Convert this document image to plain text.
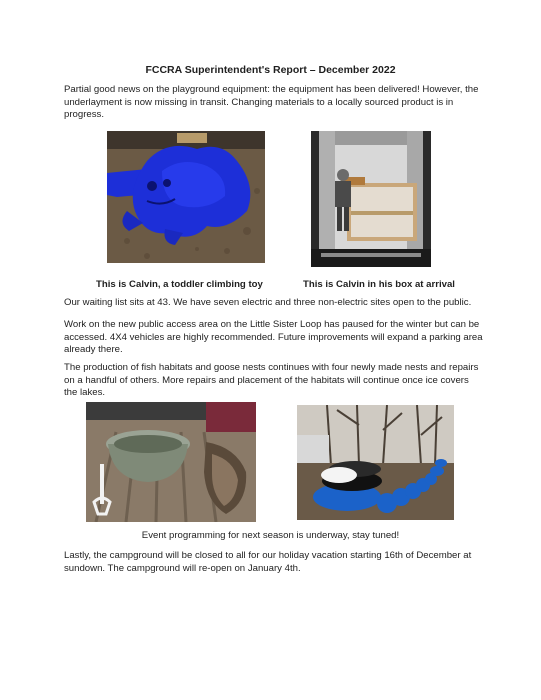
FCCRA Superintendent's Report – December 2022

Partial good news on the playground equipment: the equipment has been delivered! However, the underlayment is now missing in transit. Changing materials to a locally sourced product is in progress.

This is Calvin, a toddler climbing toy	This is Calvin in his box at arrival

Our waiting list sits at 43. We have seven electric and three non-electric sites open to the public.

Work on the new public access area on the Little Sister Loop has paused for the winter but can be accessed. 4X4 vehicles are highly recommended. Future improvements will expand a parking area already there.

The production of fish habitats and goose nests continues with four newly made nests and repairs on a handful of others. More repairs and placement of the habitats will continue once ice covers the lakes.

Event programming for next season is underway, stay tuned!

Lastly, the campground will be closed to all for our holiday vacation starting 16th of December at sundown. The campground will re-open on January 4th.
